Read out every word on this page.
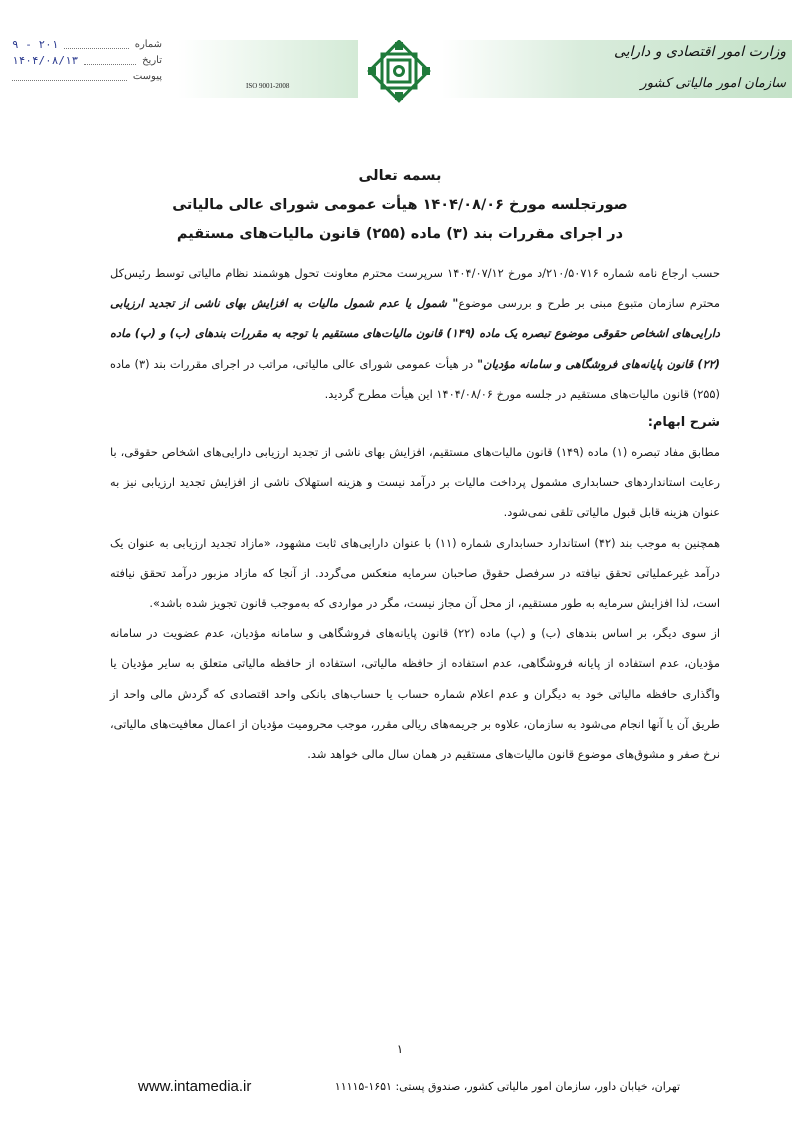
شماره
۲۰۱ - ۹
تاریخ
۱۴۰۴/۰۸/۱۳
پیوست
ISO 9001-2008
وزارت امور اقتصادی و دارایی
سازمان امور مالیاتی کشور
بسمه تعالی
صورتجلسه مورخ ۱۴۰۴/۰۸/۰۶ هیأت عمومی شورای عالی مالیاتی
در اجرای مقررات بند (۳) ماده (۲۵۵) قانون مالیات‌های مستقیم

حسب ارجاع نامه شماره ۲۱۰/۵۰۷۱۶/د مورخ ۱۴۰۴/۰۷/۱۲ سرپرست محترم معاونت تحول هوشمند نظام مالیاتی توسط رئیس‌کل محترم سازمان متبوع مبنی بر طرح و بررسی موضوع" شمول یا عدم شمول مالیات به افزایش بهای ناشی از تجدید ارزیابی دارایی‌های اشخاص حقوقی موضوع تبصره یک ماده (۱۴۹) قانون مالیات‌های مستقیم با توجه به مقررات بندهای (ب) و (پ) ماده (۲۲) قانون پایانه‌های فروشگاهی و سامانه مؤدیان" در هیأت عمومی شورای عالی مالیاتی، مراتب در اجرای مقررات بند (۳) ماده (۲۵۵) قانون مالیات‌های مستقیم در جلسه مورخ ۱۴۰۴/۰۸/۰۶ این هیأت مطرح گردید.

شرح ابهام:

مطابق مفاد تبصره (۱) ماده (۱۴۹) قانون مالیات‌های مستقیم، افزایش بهای ناشی از تجدید ارزیابی دارایی‌های اشخاص حقوقی، با رعایت استانداردهای حسابداری مشمول پرداخت مالیات بر درآمد نیست و هزینه استهلاک ناشی از افزایش تجدید ارزیابی نیز به عنوان هزینه قابل قبول مالیاتی تلقی نمی‌شود.

همچنین به موجب بند (۴۲) استاندارد حسابداری شماره (۱۱) با عنوان دارایی‌های ثابت مشهود، «مازاد تجدید ارزیابی به عنوان یک درآمد غیرعملیاتی تحقق نیافته در سرفصل حقوق صاحبان سرمایه منعکس می‌گردد. از آنجا که مازاد مزبور درآمد تحقق نیافته است، لذا افزایش سرمایه به طور مستقیم، از محل آن مجاز نیست، مگر در مواردی که به‌موجب قانون تجویز شده باشد».

از سوی دیگر، بر اساس بندهای (ب) و (پ) ماده (۲۲) قانون پایانه‌های فروشگاهی و سامانه مؤدیان، عدم عضویت در سامانه مؤدیان، عدم استفاده از پایانه فروشگاهی، عدم استفاده از حافظه مالیاتی، استفاده از حافظه مالیاتی متعلق به سایر مؤدیان یا واگذاری حافظه مالیاتی خود به دیگران و عدم اعلام شماره حساب یا حساب‌های بانکی واحد اقتصادی که گردش مالی واحد از طریق آن یا آنها انجام می‌شود به سازمان، علاوه بر جریمه‌های ریالی مقرر، موجب محرومیت مؤدیان از اعمال معافیت‌های مالیاتی، نرخ صفر و مشوق‌های موضوع قانون مالیات‌های مستقیم در همان سال مالی خواهد شد.

۱
www.intamedia.ir	تهران، خیابان داور، سازمان امور مالیاتی کشور، صندوق پستی: ۱۶۵۱-۱۱۱۱۵
